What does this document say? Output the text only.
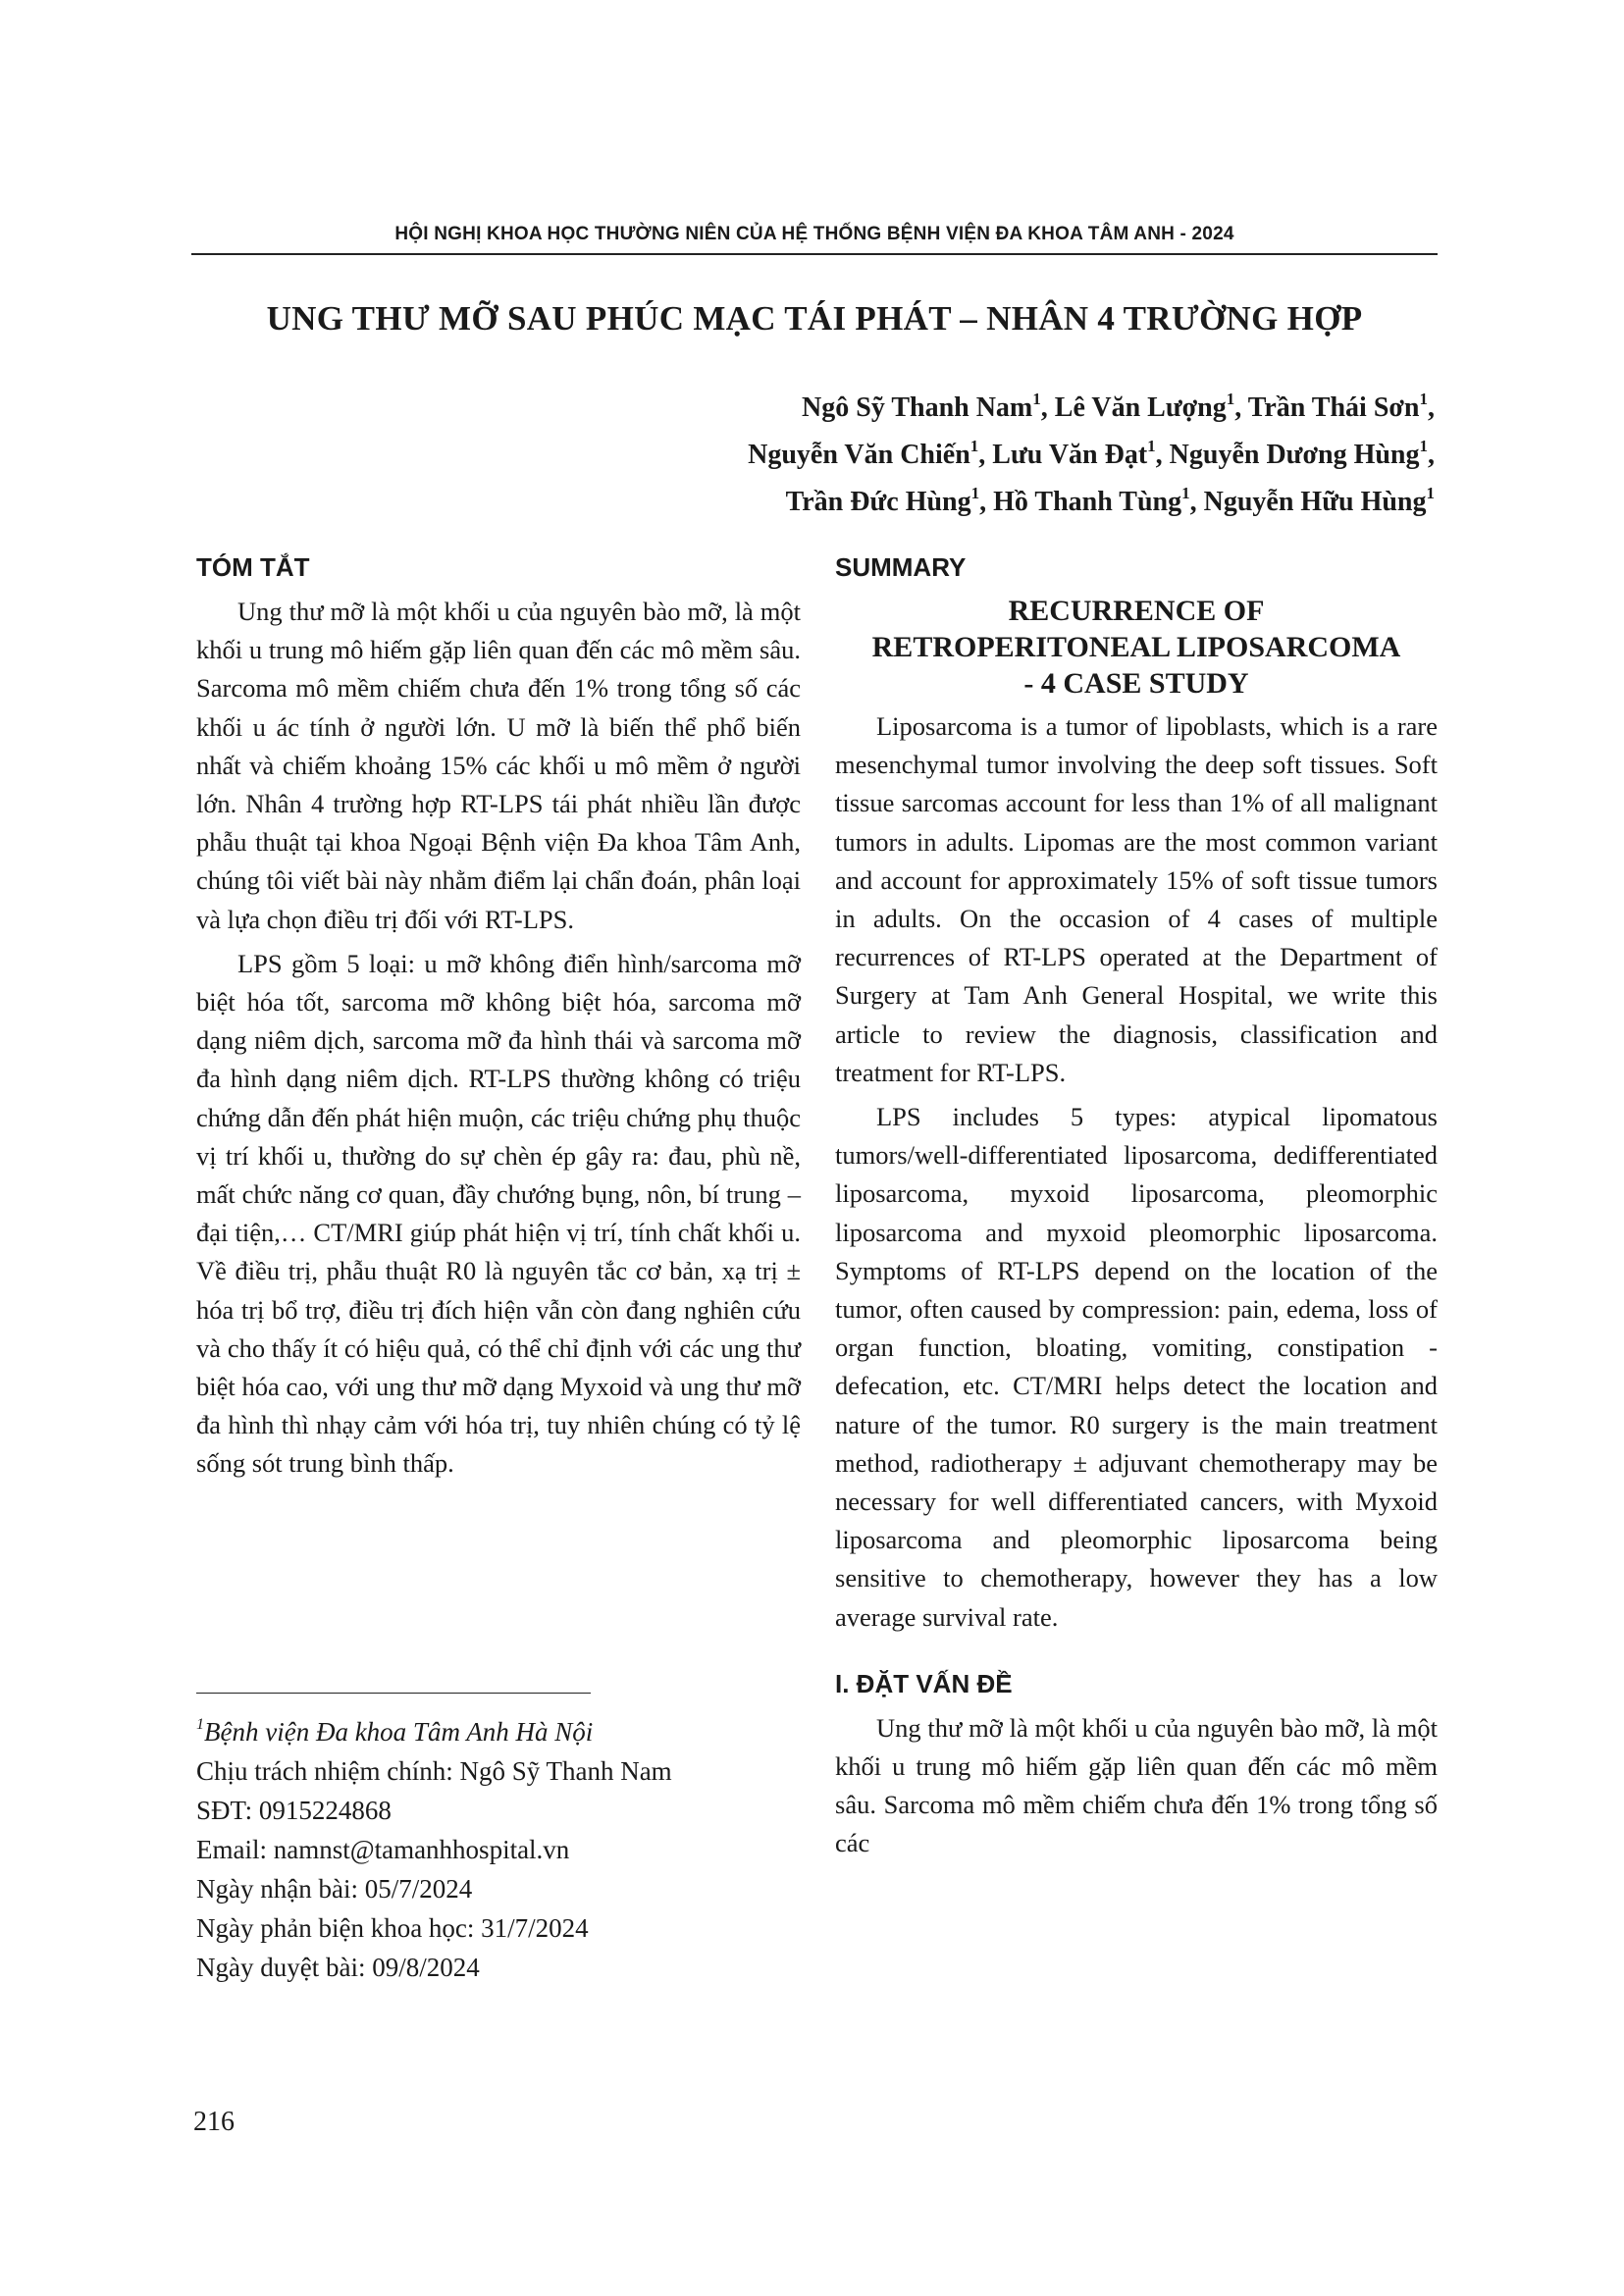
HỘI NGHỊ KHOA HỌC THƯỜNG NIÊN CỦA HỆ THỐNG BỆNH VIỆN ĐA KHOA TÂM ANH - 2024
UNG THƯ MỠ SAU PHÚC MẠC TÁI PHÁT – NHÂN 4 TRƯỜNG HỢP
Ngô Sỹ Thanh Nam$^1$, Lê Văn Lượng$^1$, Trần Thái Sơn$^1$,
Nguyễn Văn Chiến$^1$, Lưu Văn Đạt$^1$, Nguyễn Dương Hùng$^1$,
Trần Đức Hùng$^1$, Hồ Thanh Tùng$^1$, Nguyễn Hữu Hùng$^1$
TÓM TẮT

Ung thư mỡ là một khối u của nguyên bào mỡ, là một khối u trung mô hiếm gặp liên quan đến các mô mềm sâu. Sarcoma mô mềm chiếm chưa đến 1% trong tổng số các khối u ác tính ở người lớn. U mỡ là biến thể phổ biến nhất và chiếm khoảng 15% các khối u mô mềm ở người lớn. Nhân 4 trường hợp RT-LPS tái phát nhiều lần được phẫu thuật tại khoa Ngoại Bệnh viện Đa khoa Tâm Anh, chúng tôi viết bài này nhằm điểm lại chẩn đoán, phân loại và lựa chọn điều trị đối với RT-LPS.

LPS gồm 5 loại: u mỡ không điển hình/sarcoma mỡ biệt hóa tốt, sarcoma mỡ không biệt hóa, sarcoma mỡ dạng niêm dịch, sarcoma mỡ đa hình thái và sarcoma mỡ đa hình dạng niêm dịch. RT-LPS thường không có triệu chứng dẫn đến phát hiện muộn, các triệu chứng phụ thuộc vị trí khối u, thường do sự chèn ép gây ra: đau, phù nề, mất chức năng cơ quan, đầy chướng bụng, nôn, bí trung – đại tiện,… CT/MRI giúp phát hiện vị trí, tính chất khối u. Về điều trị, phẫu thuật R0 là nguyên tắc cơ bản, xạ trị ± hóa trị bổ trợ, điều trị đích hiện vẫn còn đang nghiên cứu và cho thấy ít có hiệu quả, có thể chỉ định với các ung thư biệt hóa cao, với ung thư mỡ dạng Myxoid và ung thư mỡ đa hình thì nhạy cảm với hóa trị, tuy nhiên chúng có tỷ lệ sống sót trung bình thấp.

$^1$Bệnh viện Đa khoa Tâm Anh Hà Nội
Chịu trách nhiệm chính: Ngô Sỹ Thanh Nam
SĐT: 0915224868
Email: namnst@tamanhhospital.vn
Ngày nhận bài: 05/7/2024
Ngày phản biện khoa học: 31/7/2024
Ngày duyệt bài: 09/8/2024
SUMMARY
RECURRENCE OF
RETROPERITONEAL LIPOSARCOMA
- 4 CASE STUDY

Liposarcoma is a tumor of lipoblasts, which is a rare mesenchymal tumor involving the deep soft tissues. Soft tissue sarcomas account for less than 1% of all malignant tumors in adults. Lipomas are the most common variant and account for approximately 15% of soft tissue tumors in adults. On the occasion of 4 cases of multiple recurrences of RT-LPS operated at the Department of Surgery at Tam Anh General Hospital, we write this article to review the diagnosis, classification and treatment for RT-LPS.

LPS includes 5 types: atypical lipomatous tumors/well-differentiated liposarcoma, dedifferentiated liposarcoma, myxoid liposarcoma, pleomorphic liposarcoma and myxoid pleomorphic liposarcoma. Symptoms of RT-LPS depend on the location of the tumor, often caused by compression: pain, edema, loss of organ function, bloating, vomiting, constipation - defecation, etc. CT/MRI helps detect the location and nature of the tumor. R0 surgery is the main treatment method, radiotherapy ± adjuvant chemotherapy may be necessary for well differentiated cancers, with Myxoid liposarcoma and pleomorphic liposarcoma being sensitive to chemotherapy, however they has a low average survival rate.

I. ĐẶT VẤN ĐỀ

Ung thư mỡ là một khối u của nguyên bào mỡ, là một khối u trung mô hiếm gặp liên quan đến các mô mềm sâu. Sarcoma mô mềm chiếm chưa đến 1% trong tổng số các

216
